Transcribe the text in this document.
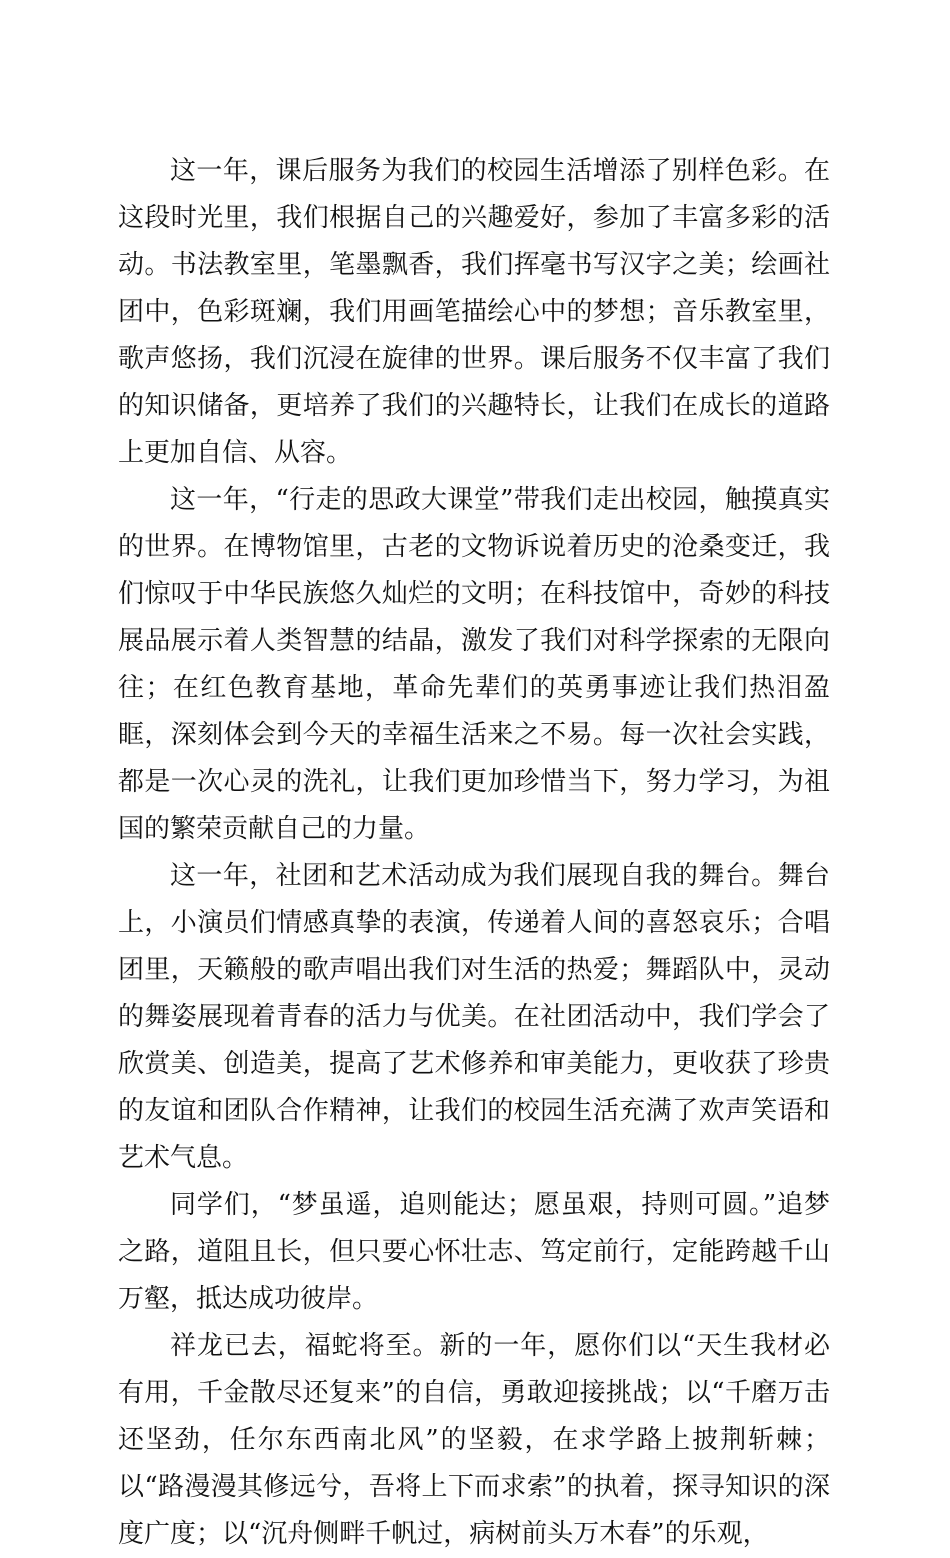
这一年，课后服务为我们的校园生活增添了别样色彩。在这段时光里，我们根据自己的兴趣爱好，参加了丰富多彩的活动。书法教室里，笔墨飘香，我们挥毫书写汉字之美；绘画社团中，色彩斑斓，我们用画笔描绘心中的梦想；音乐教室里，歌声悠扬，我们沉浸在旋律的世界。课后服务不仅丰富了我们的知识储备，更培养了我们的兴趣特长，让我们在成长的道路上更加自信、从容。

这一年，“行走的思政大课堂”带我们走出校园，触摸真实的世界。在博物馆里，古老的文物诉说着历史的沧桑变迁，我们惊叹于中华民族悠久灿烂的文明；在科技馆中，奇妙的科技展品展示着人类智慧的结晶，激发了我们对科学探索的无限向往；在红色教育基地，革命先辈们的英勇事迹让我们热泪盈眶，深刻体会到今天的幸福生活来之不易。每一次社会实践，都是一次心灵的洗礼，让我们更加珍惜当下，努力学习，为祖国的繁荣贡献自己的力量。

这一年，社团和艺术活动成为我们展现自我的舞台。舞台上，小演员们情感真挚的表演，传递着人间的喜怒哀乐；合唱团里，天籁般的歌声唱出我们对生活的热爱；舞蹈队中，灵动的舞姿展现着青春的活力与优美。在社团活动中，我们学会了欣赏美、创造美，提高了艺术修养和审美能力，更收获了珍贵的友谊和团队合作精神，让我们的校园生活充满了欢声笑语和艺术气息。

同学们，“梦虽遥，追则能达；愿虽艰，持则可圆。”追梦之路，道阻且长，但只要心怀壮志、笃定前行，定能跨越千山万壑，抵达成功彼岸。

祥龙已去，福蛇将至。新的一年，愿你们以“天生我材必有用，千金散尽还复来”的自信，勇敢迎接挑战；以“千磨万击还坚劲，任尔东西南北风”的坚毅，在求学路上披荆斩棘；以“路漫漫其修远兮，吾将上下而求索”的执着，探寻知识的深度广度；以“沉舟侧畔千帆过，病树前头万木春”的乐观，
